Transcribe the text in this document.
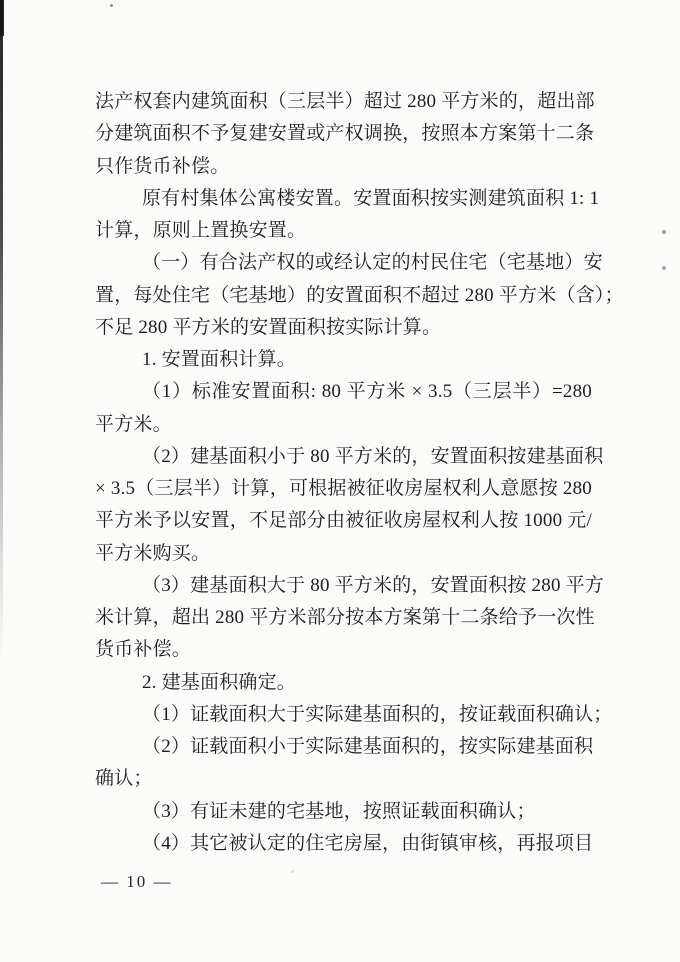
法产权套内建筑面积（三层半）超过 280 平方米的，超出部
分建筑面积不予复建安置或产权调换，按照本方案第十二条
只作货币补偿。
原有村集体公寓楼安置。安置面积按实测建筑面积 1: 1
计算，原则上置换安置。
（一）有合法产权的或经认定的村民住宅（宅基地）安
置，每处住宅（宅基地）的安置面积不超过 280 平方米（含）；
不足 280 平方米的安置面积按实际计算。
1. 安置面积计算。
（1）标准安置面积: 80 平方米 × 3.5（三层半）=280
平方米。
（2）建基面积小于 80 平方米的，安置面积按建基面积
× 3.5（三层半）计算，可根据被征收房屋权利人意愿按 280
平方米予以安置，不足部分由被征收房屋权利人按 1000 元/
平方米购买。
（3）建基面积大于 80 平方米的，安置面积按 280 平方
米计算，超出 280 平方米部分按本方案第十二条给予一次性
货币补偿。
2. 建基面积确定。
（1）证载面积大于实际建基面积的，按证载面积确认；
（2）证载面积小于实际建基面积的，按实际建基面积
确认；
（3）有证未建的宅基地，按照证载面积确认；
（4）其它被认定的住宅房屋，由街镇审核，再报项目
— 10 —
